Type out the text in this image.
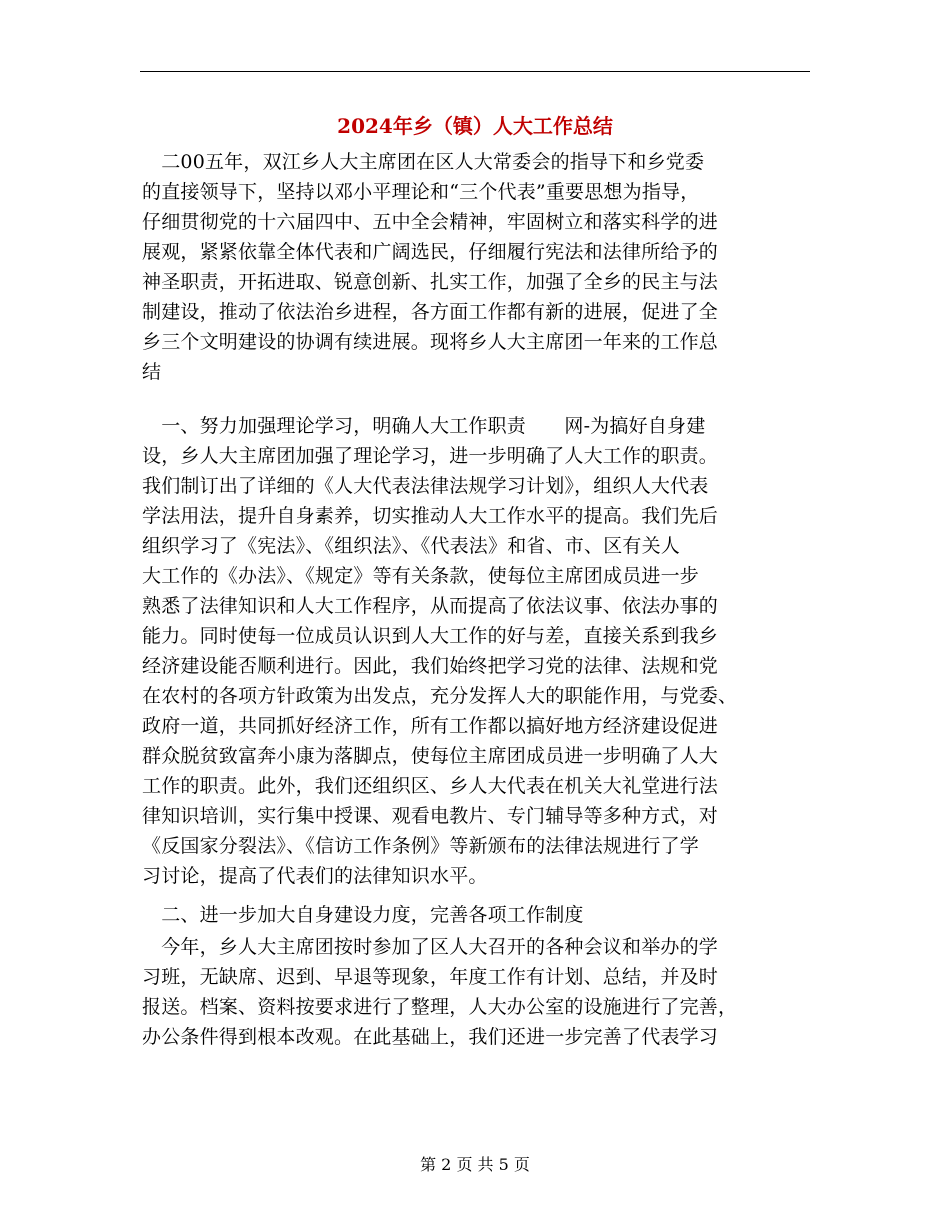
2024年乡（镇）人大工作总结
　二00五年，双江乡人大主席团在区人大常委会的指导下和乡党委
的直接领导下，坚持以邓小平理论和“三个代表”重要思想为指导，
仔细贯彻党的十六届四中、五中全会精神，牢固树立和落实科学的进
展观，紧紧依靠全体代表和广阔选民，仔细履行宪法和法律所给予的
神圣职责，开拓进取、锐意创新、扎实工作，加强了全乡的民主与法
制建设，推动了依法治乡进程，各方面工作都有新的进展，促进了全
乡三个文明建设的协调有续进展。现将乡人大主席团一年来的工作总
结
　一、努力加强理论学习，明确人大工作职责　　网-为搞好自身建
设，乡人大主席团加强了理论学习，进一步明确了人大工作的职责。
我们制订出了详细的《人大代表法律法规学习计划》，组织人大代表
学法用法，提升自身素养，切实推动人大工作水平的提高。我们先后
组织学习了《宪法》、《组织法》、《代表法》和省、市、区有关人
大工作的《办法》、《规定》等有关条款，使每位主席团成员进一步
熟悉了法律知识和人大工作程序，从而提高了依法议事、依法办事的
能力。同时使每一位成员认识到人大工作的好与差，直接关系到我乡
经济建设能否顺利进行。因此，我们始终把学习党的法律、法规和党
在农村的各项方针政策为出发点，充分发挥人大的职能作用，与党委、
政府一道，共同抓好经济工作，所有工作都以搞好地方经济建设促进
群众脱贫致富奔小康为落脚点，使每位主席团成员进一步明确了人大
工作的职责。此外，我们还组织区、乡人大代表在机关大礼堂进行法
律知识培训，实行集中授课、观看电教片、专门辅导等多种方式，对
《反国家分裂法》、《信访工作条例》等新颁布的法律法规进行了学
习讨论，提高了代表们的法律知识水平。
　二、进一步加大自身建设力度，完善各项工作制度
　今年，乡人大主席团按时参加了区人大召开的各种会议和举办的学
习班，无缺席、迟到、早退等现象，年度工作有计划、总结，并及时
报送。档案、资料按要求进行了整理，人大办公室的设施进行了完善，
办公条件得到根本改观。在此基础上，我们还进一步完善了代表学习
第 2 页 共 5 页
